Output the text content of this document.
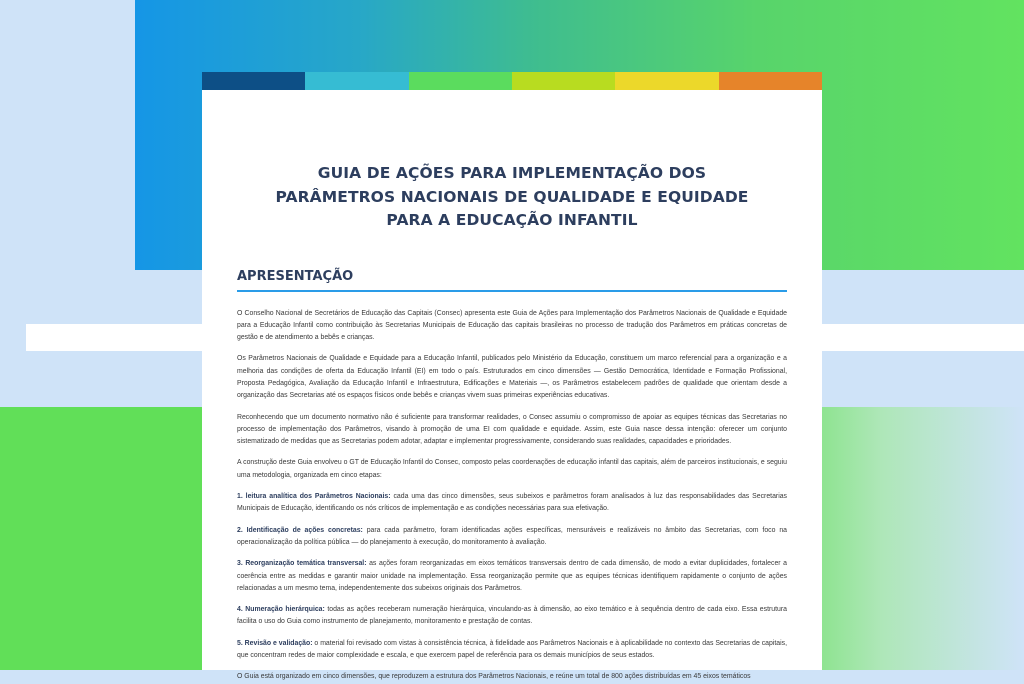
GUIA DE AÇÕES PARA IMPLEMENTAÇÃO DOS
PARÂMETROS NACIONAIS DE QUALIDADE E EQUIDADE
PARA A EDUCAÇÃO INFANTIL
APRESENTAÇÃO

O Conselho Nacional de Secretários de Educação das Capitais (Consec) apresenta este Guia de Ações para Implementação dos Parâmetros Nacionais de Qualidade e Equidade para a Educação Infantil como contribuição às Secretarias Municipais de Educação das capitais brasileiras no processo de tradução dos Parâmetros em práticas concretas de gestão e de atendimento a bebês e crianças.

Os Parâmetros Nacionais de Qualidade e Equidade para a Educação Infantil, publicados pelo Ministério da Educação, constituem um marco referencial para a organização e a melhoria das condições de oferta da Educação Infantil (EI) em todo o país. Estruturados em cinco dimensões — Gestão Democrática, Identidade e Formação Profissional, Proposta Pedagógica, Avaliação da Educação Infantil e Infraestrutura, Edificações e Materiais —, os Parâmetros estabelecem padrões de qualidade que orientam desde a organização das Secretarias até os espaços físicos onde bebês e crianças vivem suas primeiras experiências educativas.

Reconhecendo que um documento normativo não é suficiente para transformar realidades, o Consec assumiu o compromisso de apoiar as equipes técnicas das Secretarias no processo de implementação dos Parâmetros, visando à promoção de uma EI com qualidade e equidade. Assim, este Guia nasce dessa intenção: oferecer um conjunto sistematizado de medidas que as Secretarias podem adotar, adaptar e implementar progressivamente, considerando suas realidades, capacidades e prioridades.

A construção deste Guia envolveu o GT de Educação Infantil do Consec, composto pelas coordenações de educação infantil das capitais, além de parceiros institucionais, e seguiu uma metodologia, organizada em cinco etapas:

1. leitura analítica dos Parâmetros Nacionais: cada uma das cinco dimensões, seus subeixos e parâmetros foram analisados à luz das responsabilidades das Secretarias Municipais de Educação, identificando os nós críticos de implementação e as condições necessárias para sua efetivação.

2. Identificação de ações concretas: para cada parâmetro, foram identificadas ações específicas, mensuráveis e realizáveis no âmbito das Secretarias, com foco na operacionalização da política pública — do planejamento à execução, do monitoramento à avaliação.

3. Reorganização temática transversal: as ações foram reorganizadas em eixos temáticos transversais dentro de cada dimensão, de modo a evitar duplicidades, fortalecer a coerência entre as medidas e garantir maior unidade na implementação. Essa reorganização permite que as equipes técnicas identifiquem rapidamente o conjunto de ações relacionadas a um mesmo tema, independentemente dos subeixos originais dos Parâmetros.

4. Numeração hierárquica: todas as ações receberam numeração hierárquica, vinculando-as à dimensão, ao eixo temático e à sequência dentro de cada eixo. Essa estrutura facilita o uso do Guia como instrumento de planejamento, monitoramento e prestação de contas.

5. Revisão e validação: o material foi revisado com vistas à consistência técnica, à fidelidade aos Parâmetros Nacionais e à aplicabilidade no contexto das Secretarias de capitais, que concentram redes de maior complexidade e escala, e que exercem papel de referência para os demais municípios de seus estados.

O Guia está organizado em cinco dimensões, que reproduzem a estrutura dos Parâmetros Nacionais, e reúne um total de 800 ações distribuídas em 45 eixos temáticos
